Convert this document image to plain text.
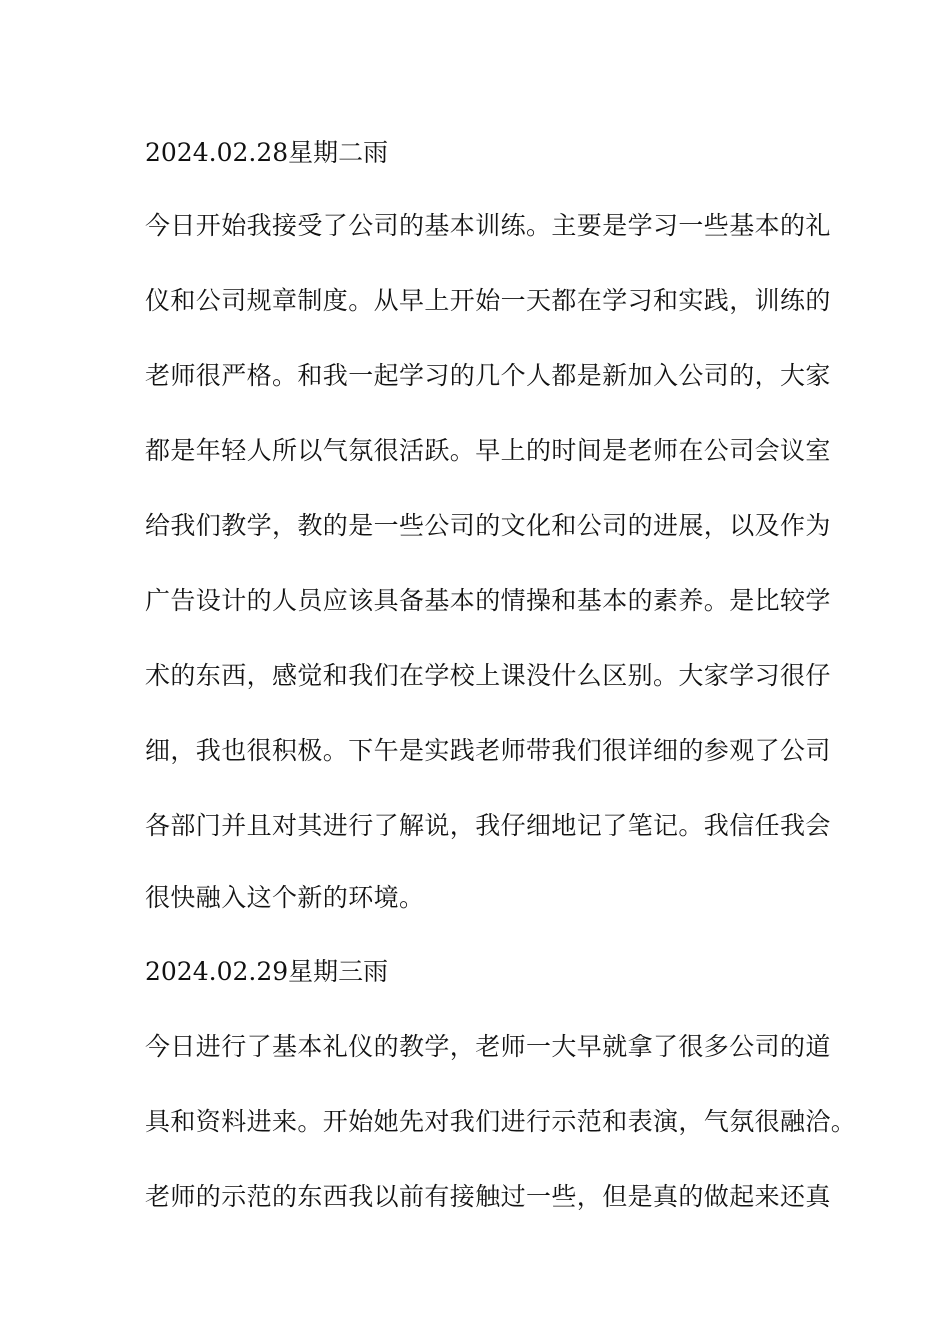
2024.02.28星期二雨
今日开始我接受了公司的基本训练。主要是学习一些基本的礼
仪和公司规章制度。从早上开始一天都在学习和实践，训练的
老师很严格。和我一起学习的几个人都是新加入公司的，大家
都是年轻人所以气氛很活跃。早上的时间是老师在公司会议室
给我们教学，教的是一些公司的文化和公司的进展，以及作为
广告设计的人员应该具备基本的情操和基本的素养。是比较学
术的东西，感觉和我们在学校上课没什么区别。大家学习很仔
细，我也很积极。下午是实践老师带我们很详细的参观了公司
各部门并且对其进行了解说，我仔细地记了笔记。我信任我会
很快融入这个新的环境。
2024.02.29星期三雨
今日进行了基本礼仪的教学，老师一大早就拿了很多公司的道
具和资料进来。开始她先对我们进行示范和表演，气氛很融洽。
老师的示范的东西我以前有接触过一些，但是真的做起来还真
